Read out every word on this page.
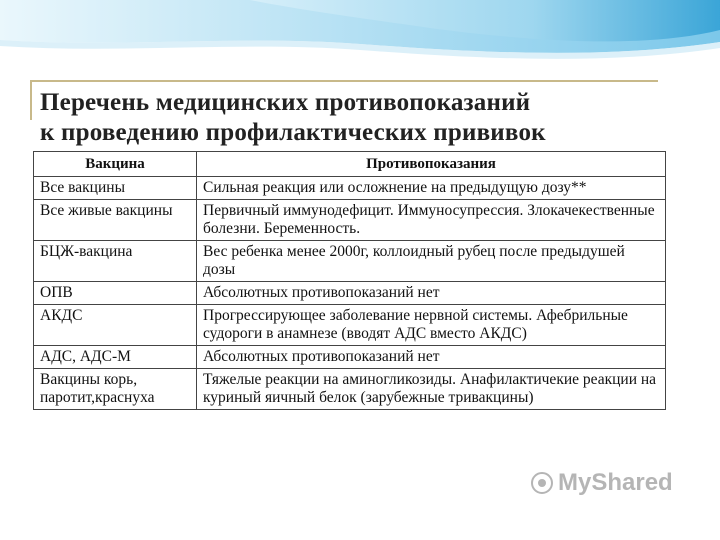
Перечень медицинских противопоказаний
к проведению профилактических прививок
Вакцина	Противопоказания
Все вакцины	Сильная реакция или осложнение на предыдущую дозу**
Все живые вакцины	Первичный иммунодефицит. Иммуносупрессия. Злокачекественные болезни. Беременность.
БЦЖ-вакцина	Вес ребенка менее 2000г, коллоидный рубец после предыдушей дозы
ОПВ	Абсолютных противопоказаний нет
АКДС	Прогрессирующее заболевание нервной системы. Афебрильные судороги в анамнезе (вводят АДС вместо АКДС)
АДС, АДС-М	Абсолютных противопоказаний нет
Вакцины корь, паротит,краснуха	Тяжелые реакции на аминогликозиды. Анафилактичекие реакции на куриный яичный белок (зарубежные тривакцины)
MyShared
